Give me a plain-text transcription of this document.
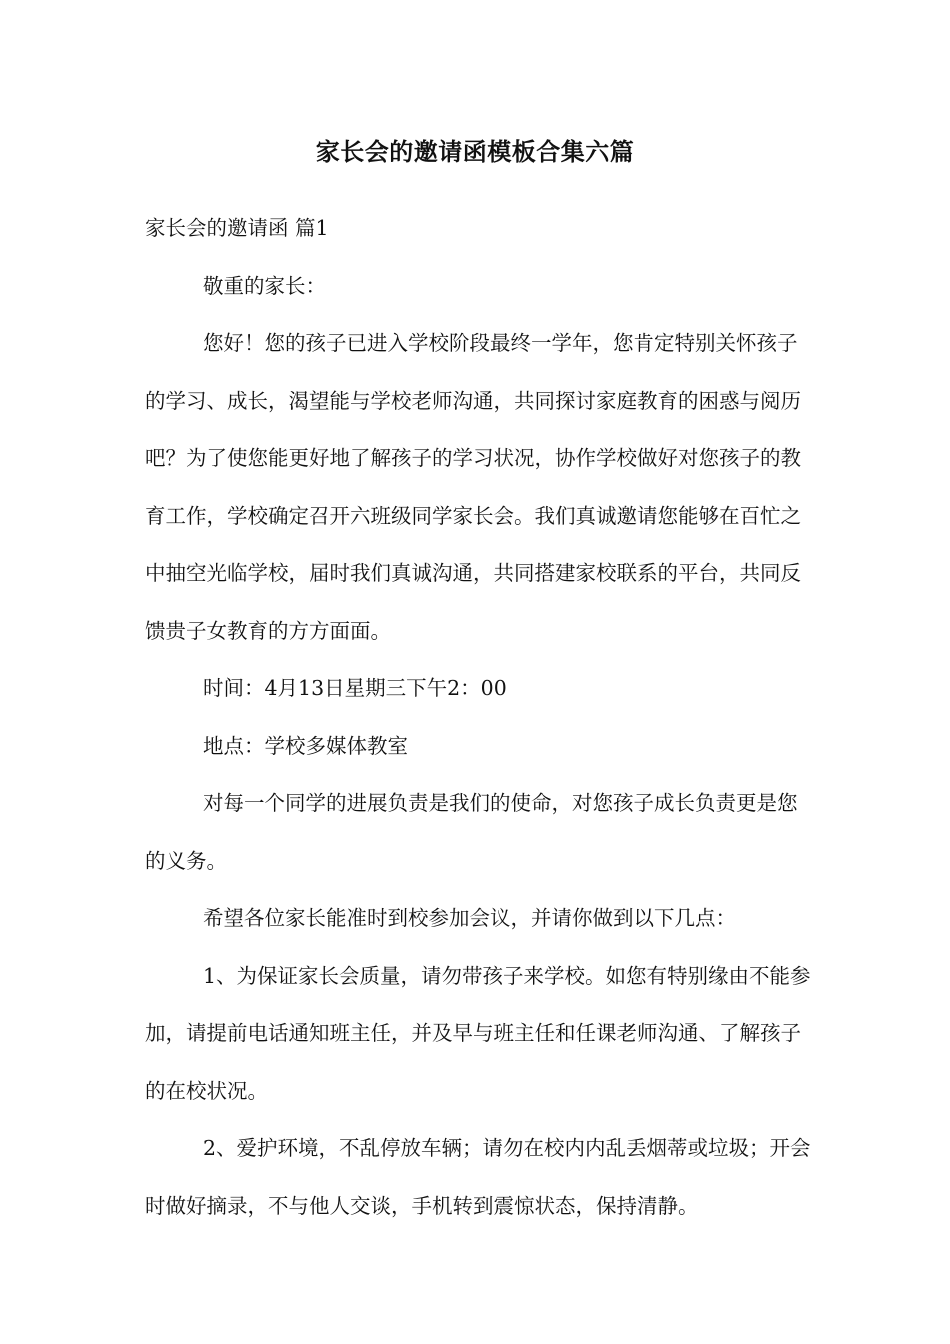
家长会的邀请函模板合集六篇

家长会的邀请函 篇1

敬重的家长：

您好！您的孩子已进入学校阶段最终一学年，您肯定特别关怀孩子的学习、成长，渴望能与学校老师沟通，共同探讨家庭教育的困惑与阅历吧？为了使您能更好地了解孩子的学习状况，协作学校做好对您孩子的教育工作，学校确定召开六班级同学家长会。我们真诚邀请您能够在百忙之中抽空光临学校，届时我们真诚沟通，共同搭建家校联系的平台，共同反馈贵子女教育的方方面面。

时间：4月13日星期三下午2：00

地点：学校多媒体教室

对每一个同学的进展负责是我们的使命，对您孩子成长负责更是您的义务。

希望各位家长能准时到校参加会议，并请你做到以下几点：

1、为保证家长会质量，请勿带孩子来学校。如您有特别缘由不能参加，请提前电话通知班主任，并及早与班主任和任课老师沟通、了解孩子的在校状况。

2、爱护环境，不乱停放车辆；请勿在校内内乱丢烟蒂或垃圾；开会时做好摘录，不与他人交谈，手机转到震惊状态，保持清静。
